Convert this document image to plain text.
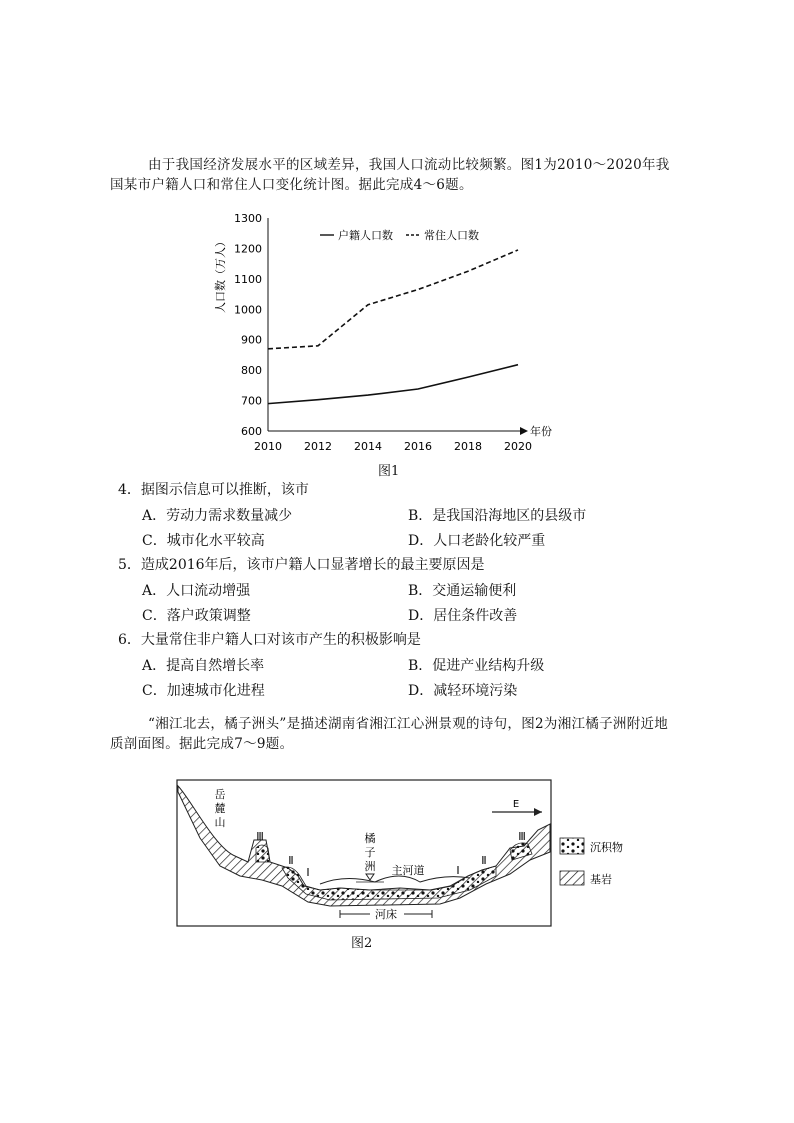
由于我国经济发展水平的区域差异，我国人口流动比较频繁。图1为2010～2020年我国某市户籍人口和常住人口变化统计图。据此完成4～6题。
600
700
800
900
1000
1100
1200
1300
2010 2012 2014 2016 2018 2020
年份
人口数（万人）
户籍人口数	常住人口数
图1
4．据图示信息可以推断，该市
A．劳动力需求数量减少	B．是我国沿海地区的县级市
C．城市化水平较高	D．人口老龄化较严重
5．造成2016年后，该市户籍人口显著增长的最主要原因是
A．人口流动增强	B．交通运输便利
C．落户政策调整	D．居住条件改善
6．大量常住非户籍人口对该市产生的积极影响是
A．提高自然增长率	B．促进产业结构升级
C．加速城市化进程	D．减轻环境污染
“湘江北去，橘子洲头”是描述湖南省湘江江心洲景观的诗句，图2为湘江橘子洲附近地质剖面图。据此完成7～9题。
河床
E
岳
麓
山
橘
子
洲 主河道
Ⅲ
Ⅱ
Ⅰ	Ⅰ
Ⅱ
Ⅲ
沉积物
基岩
图2
